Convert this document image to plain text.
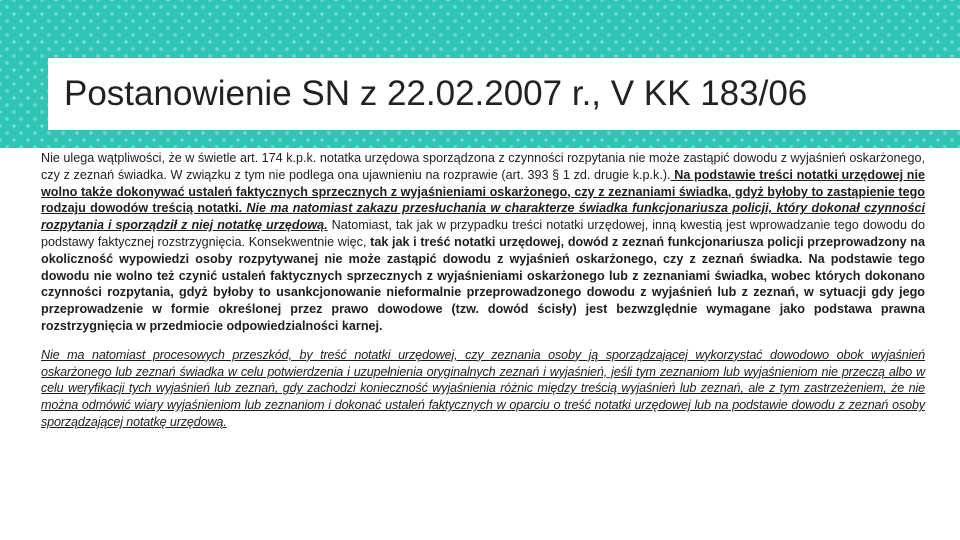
Postanowienie SN z 22.02.2007 r., V KK 183/06

Nie ulega wątpliwości, że w świetle art. 174 k.p.k. notatka urzędowa sporządzona z czynności rozpytania nie może zastąpić dowodu z wyjaśnień oskarżonego, czy z zeznań świadka. W związku z tym nie podlega ona ujawnieniu na rozprawie (art. 393 § 1 zd. drugie k.p.k.). Na podstawie treści notatki urzędowej nie wolno także dokonywać ustaleń faktycznych sprzecznych z wyjaśnieniami oskarżonego, czy z zeznaniami świadka, gdyż byłoby to zastąpienie tego rodzaju dowodów treścią notatki. Nie ma natomiast zakazu przesłuchania w charakterze świadka funkcjonariusza policji, który dokonał czynności rozpytania i sporządził z niej notatkę urzędową. Natomiast, tak jak w przypadku treści notatki urzędowej, inną kwestią jest wprowadzanie tego dowodu do podstawy faktycznej rozstrzygnięcia. Konsekwentnie więc, tak jak i treść notatki urzędowej, dowód z zeznań funkcjonariusza policji przeprowadzony na okoliczność wypowiedzi osoby rozpytywanej nie może zastąpić dowodu z wyjaśnień oskarżonego, czy z zeznań świadka. Na podstawie tego dowodu nie wolno też czynić ustaleń faktycznych sprzecznych z wyjaśnieniami oskarżonego lub z zeznaniami świadka, wobec których dokonano czynności rozpytania, gdyż byłoby to usankcjonowanie nieformalnie przeprowadzonego dowodu z wyjaśnień lub z zeznań, w sytuacji gdy jego przeprowadzenie w formie określonej przez prawo dowodowe (tzw. dowód ścisły) jest bezwzględnie wymagane jako podstawa prawna rozstrzygnięcia w przedmiocie odpowiedzialności karnej.

Nie ma natomiast procesowych przeszkód, by treść notatki urzędowej, czy zeznania osoby ją sporządzającej wykorzystać dowodowo obok wyjaśnień oskarżonego lub zeznań świadka w celu potwierdzenia i uzupełnienia oryginalnych zeznań i wyjaśnień, jeśli tym zeznaniom lub wyjaśnieniom nie przeczą albo w celu weryfikacji tych wyjaśnień lub zeznań, gdy zachodzi konieczność wyjaśnienia różnic między treścią wyjaśnień lub zeznań, ale z tym zastrzeżeniem, że nie można odmówić wiary wyjaśnieniom lub zeznaniom i dokonać ustaleń faktycznych w oparciu o treść notatki urzędowej lub na podstawie dowodu z zeznań osoby sporządzającej notatkę urzędową.
